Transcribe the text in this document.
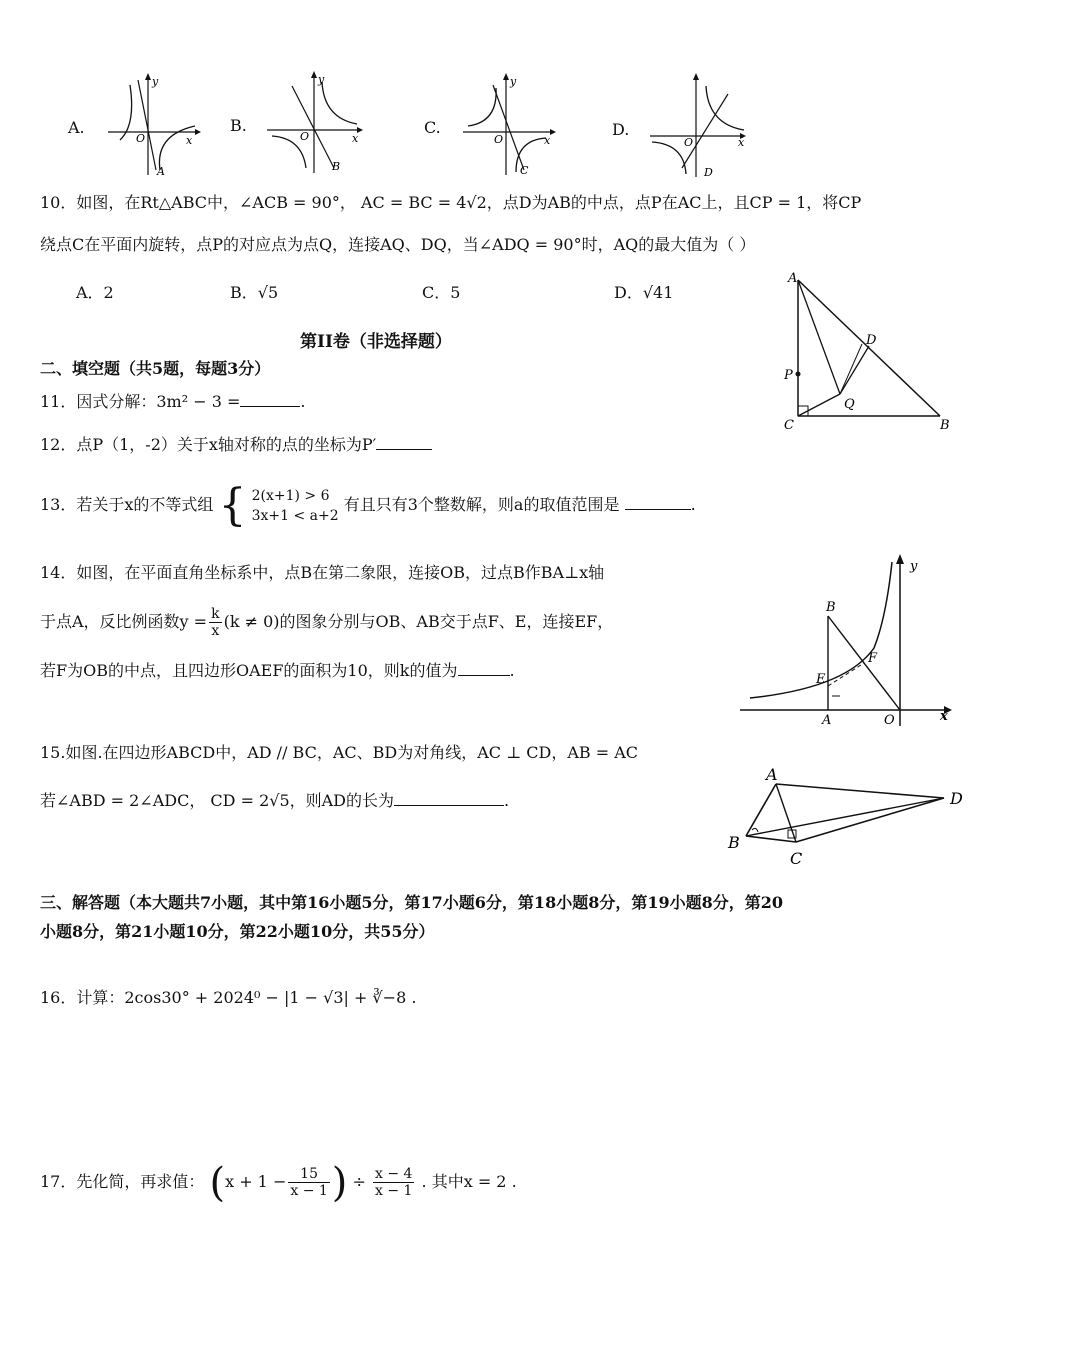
A.
y
O	x
A
B.
y
O	x
B
C.
y
O	x
C
D.
O	x
D
10．如图，在Rt△ABC中，∠ACB = 90°， AC = BC = 4√2，点D为AB的中点，点P在AC上，且CP = 1，将CP
绕点C在平面内旋转，点P的对应点为点Q，连接AQ、DQ，当∠ADQ = 90°时，AQ的最大值为（ ）
A．2	B．√5	C．5	D．√41
A
D
P
Q
C	B
第II卷（非选择题）
二、填空题（共5题，每题3分）
11．因式分解：3m² − 3 =	.
12．点P（1，-2）关于x轴对称的点的坐标为P′
13．若关于x的不等式组 { 2(x+1) > 6
3x+1 < a+2
有且只有3个整数解，则a的取值范围是	.
14．如图，在平面直角坐标系中，点B在第二象限，连接OB，过点B作BA⊥x轴
于点A，反比例函数$y = \frac{k}{x} (k \ne 0)$的图象分别与OB、AB交于点F、E，连接EF，
若F为OB的中点，且四边形OAEF的面积为10，则k的值为	.
y
x
B
E
F
A	O
15.如图.在四边形ABCD中，AD // BC，AC、BD为对角线，AC ⊥ CD，AB = AC
若∠ABD = 2∠ADC， CD = 2√5，则AD的长为	.
A
B
C
D
三、解答题（本大题共7小题，其中第16小题5分，第17小题6分，第18小题8分，第19小题8分，第20
小题8分，第21小题10分，第22小题10分，共55分）
16．计算：2cos30° + 2024⁰ − |1 − √3| + ∛−8 .
17．先化简，再求值： ($x + 1 - \frac{15}{x - 1}$ ) ÷ $\frac{x - 4}{x - 1}$ . 其中x = 2 .
